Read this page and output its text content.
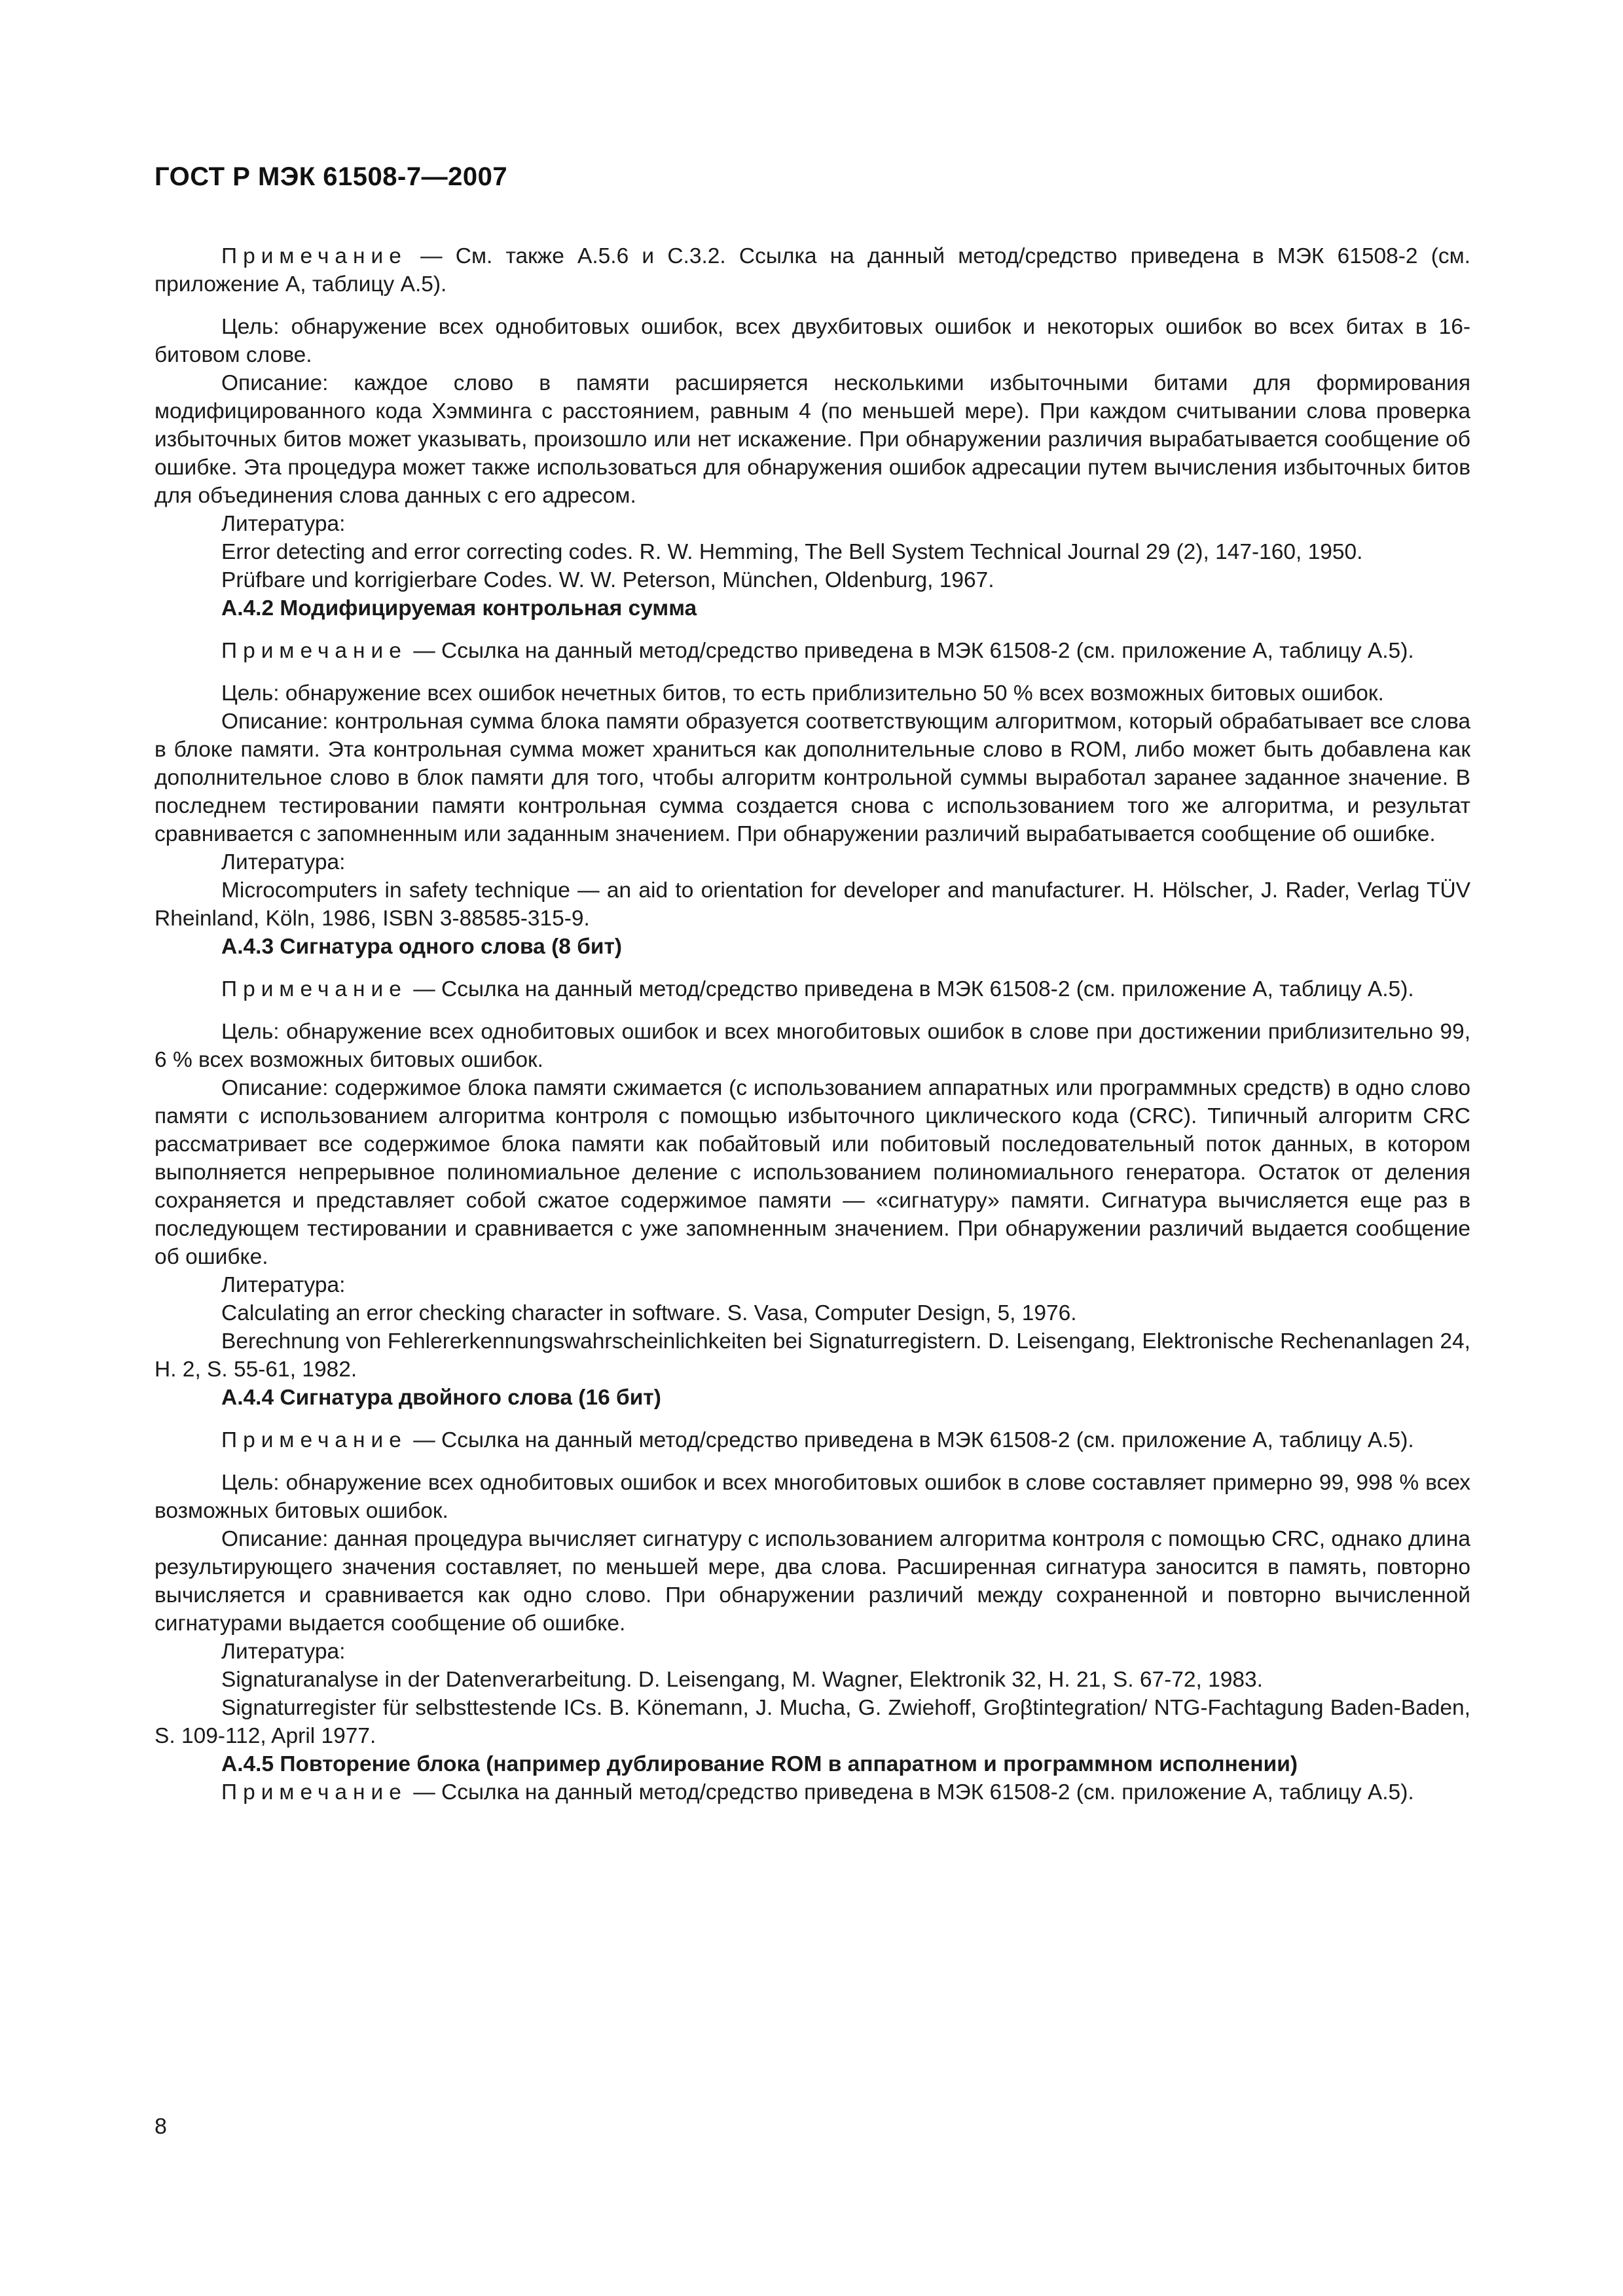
ГОСТ Р МЭК 61508-7—2007

Примечание — См. также А.5.6 и С.3.2. Ссылка на данный метод/средство приведена в МЭК 61508-2 (см. приложение А, таблицу А.5).

Цель: обнаружение всех однобитовых ошибок, всех двухбитовых ошибок и некоторых ошибок во всех битах в 16-битовом слове.

Описание: каждое слово в памяти расширяется несколькими избыточными битами для формирования модифицированного кода Хэмминга с расстоянием, равным 4 (по меньшей мере). При каждом считывании слова проверка избыточных битов может указывать, произошло или нет искажение. При обнаружении различия вырабатывается сообщение об ошибке. Эта процедура может также использоваться для обнаружения ошибок адресации путем вычисления избыточных битов для объединения слова данных с его адресом.

Литература:

Error detecting and error correcting codes. R. W. Hemming, The Bell System Technical Journal 29 (2), 147-160, 1950.

Prüfbare und korrigierbare Codes. W. W. Peterson, München, Oldenburg, 1967.

А.4.2 Модифицируемая контрольная сумма

Примечание — Ссылка на данный метод/средство приведена в МЭК 61508-2 (см. приложение А, таблицу А.5).

Цель: обнаружение всех ошибок нечетных битов, то есть приблизительно 50 % всех возможных битовых ошибок.

Описание: контрольная сумма блока памяти образуется соответствующим алгоритмом, который обрабатывает все слова в блоке памяти. Эта контрольная сумма может храниться как дополнительные слово в ROM, либо может быть добавлена как дополнительное слово в блок памяти для того, чтобы алгоритм контрольной суммы выработал заранее заданное значение. В последнем тестировании памяти контрольная сумма создается снова с использованием того же алгоритма, и результат сравнивается с запомненным или заданным значением. При обнаружении различий вырабатывается сообщение об ошибке.

Литература:

Microcomputers in safety technique — an aid to orientation for developer and manufacturer. H. Hölscher, J. Rader, Verlag TÜV Rheinland, Köln, 1986, ISBN 3-88585-315-9.

А.4.3 Сигнатура одного слова (8 бит)

Примечание — Ссылка на данный метод/средство приведена в МЭК 61508-2 (см. приложение А, таблицу А.5).

Цель: обнаружение всех однобитовых ошибок и всех многобитовых ошибок в слове при достижении приблизительно 99, 6 % всех возможных битовых ошибок.

Описание: содержимое блока памяти сжимается (с использованием аппаратных или программных средств) в одно слово памяти с использованием алгоритма контроля с помощью избыточного циклического кода (CRC). Типичный алгоритм CRC рассматривает все содержимое блока памяти как побайтовый или побитовый последовательный поток данных, в котором выполняется непрерывное полиномиальное деление с использованием полиномиального генератора. Остаток от деления сохраняется и представляет собой сжатое содержимое памяти — «сигнатуру» памяти. Сигнатура вычисляется еще раз в последующем тестировании и сравнивается с уже запомненным значением. При обнаружении различий выдается сообщение об ошибке.

Литература:

Calculating an error checking character in software. S. Vasa, Computer Design, 5, 1976.

Berechnung von Fehlererkennungswahrscheinlichkeiten bei Signaturregistern. D. Leisengang, Elektronische Rechenanlagen 24, H. 2, S. 55-61, 1982.

А.4.4 Сигнатура двойного слова (16 бит)

Примечание — Ссылка на данный метод/средство приведена в МЭК 61508-2 (см. приложение А, таблицу А.5).

Цель: обнаружение всех однобитовых ошибок и всех многобитовых ошибок в слове составляет примерно 99, 998 % всех возможных битовых ошибок.

Описание: данная процедура вычисляет сигнатуру с использованием алгоритма контроля с помощью CRC, однако длина результирующего значения составляет, по меньшей мере, два слова. Расширенная сигнатура заносится в память, повторно вычисляется и сравнивается как одно слово. При обнаружении различий между сохраненной и повторно вычисленной сигнатурами выдается сообщение об ошибке.

Литература:

Signaturanalyse in der Datenverarbeitung. D. Leisengang, M. Wagner, Elektronik 32, H. 21, S. 67-72, 1983.

Signaturregister für selbsttestende ICs. B. Könemann, J. Mucha, G. Zwiehoff, Groβtintegration/ NTG-Fachtagung Baden-Baden, S. 109-112, April 1977.

А.4.5 Повторение блока (например дублирование ROM в аппаратном и программном исполнении)

Примечание — Ссылка на данный метод/средство приведена в МЭК 61508-2 (см. приложение А, таблицу А.5).

8
